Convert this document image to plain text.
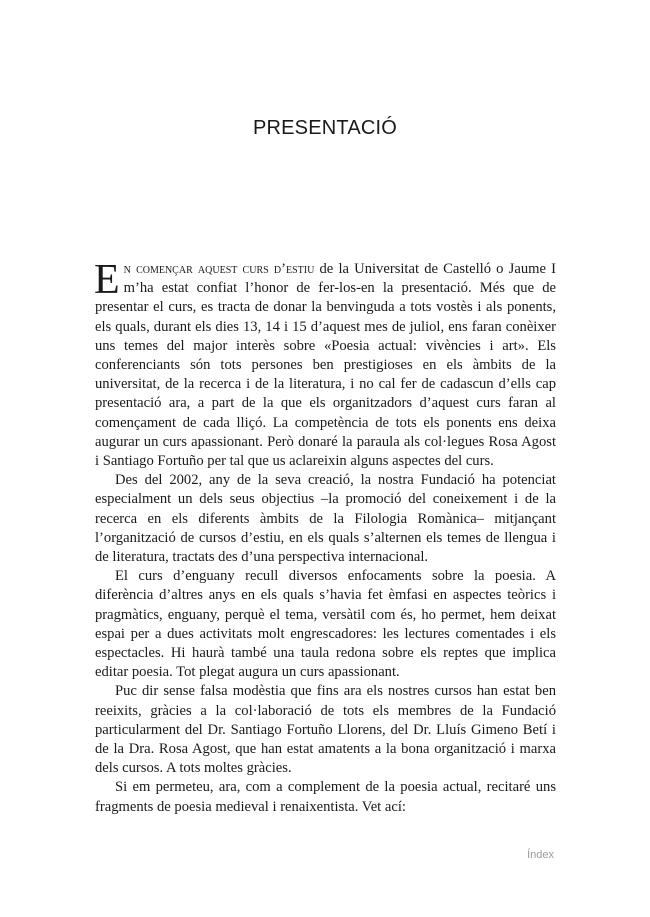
PRESENTACIÓ

En començar aquest curs d’estiu de la Universitat de Castelló o Jaume I m’ha estat confiat l’honor de fer-los-en la presentació. Més que de presentar el curs, es tracta de donar la benvinguda a tots vostès i als ponents, els quals, durant els dies 13, 14 i 15 d’aquest mes de juliol, ens faran conèixer uns temes del major interès sobre «Poesia actual: vivències i art». Els conferenciants són tots persones ben prestigioses en els àmbits de la universitat, de la recerca i de la literatura, i no cal fer de cadascun d’ells cap presentació ara, a part de la que els organitzadors d’aquest curs faran al començament de cada lliçó. La competència de tots els ponents ens deixa augurar un curs apassionant. Però donaré la paraula als col·legues Rosa Agost i Santiago Fortuño per tal que us aclareixin alguns aspectes del curs.

Des del 2002, any de la seva creació, la nostra Fundació ha potenciat especialment un dels seus objectius –la promoció del coneixement i de la recerca en els diferents àmbits de la Filologia Romànica– mitjançant l’organització de cursos d’estiu, en els quals s’alternen els temes de llengua i de literatura, tractats des d’una perspectiva internacional.

El curs d’enguany recull diversos enfocaments sobre la poesia. A diferència d’altres anys en els quals s’havia fet èmfasi en aspectes teòrics i pragmàtics, enguany, perquè el tema, versàtil com és, ho permet, hem deixat espai per a dues activitats molt engrescadores: les lectures comentades i els espectacles. Hi haurà també una taula redona sobre els reptes que implica editar poesia. Tot plegat augura un curs apassionant.

Puc dir sense falsa modèstia que fins ara els nostres cursos han estat ben reeixits, gràcies a la col·laboració de tots els membres de la Fundació particularment del Dr. Santiago Fortuño Llorens, del Dr. Lluís Gimeno Betí i de la Dra. Rosa Agost, que han estat amatents a la bona organització i marxa dels cursos. A tots moltes gràcies.

Si em permeteu, ara, com a complement de la poesia actual, recitaré uns fragments de poesia medieval i renaixentista. Vet ací:

Índex
